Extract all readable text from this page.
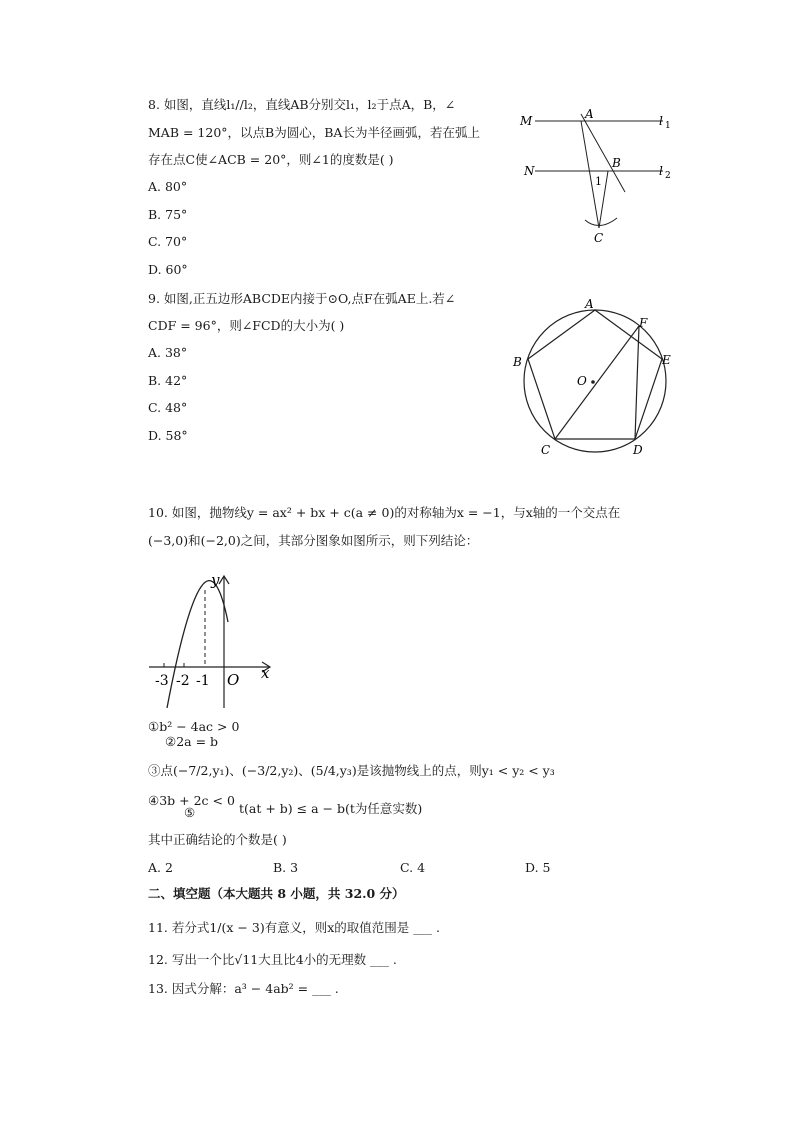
8. 如图，直线l₁//l₂，直线AB分别交l₁，l₂于点A，B，∠
MAB = 120°，以点B为圆心，BA长为半径画弧，若在弧上
存在点C使∠ACB = 20°，则∠1的度数是( )
A. 80°
B. 75°
C. 70°
D. 60°
M	A	l 1
N
B
l 2
1
C
9. 如图,正五边形ABCDE内接于⊙O,点F在弧AE上.若∠
CDF = 96°，则∠FCD的大小为( )
A. 38°
B. 42°
C. 48°
D. 58°
A
B
C	D
E
F
O
10. 如图，抛物线y = ax² + bx + c(a ≠ 0)的对称轴为x = −1，与x轴的一个交点在
(−3,0)和(−2,0)之间，其部分图象如图所示，则下列结论：
-3 -2 -1 O
y
x
①b² − 4ac > 0
②2a = b
③点(−7/2,y₁)、(−3/2,y₂)、(5/4,y₃)是该抛物线上的点，则y₁ < y₂ < y₃
④3b + 2c < 0
⑤	t(at + b) ≤ a − b(t为任意实数)
其中正确结论的个数是( )
A. 2	B. 3	C. 4	D. 5
二、填空题（本大题共 8 小题，共 32.0 分）
11. 若分式1/(x − 3)有意义，则x的取值范围是 ___ .
12. 写出一个比√11大且比4小的无理数 ___ .
13. 因式分解：a³ − 4ab² = ___ .
